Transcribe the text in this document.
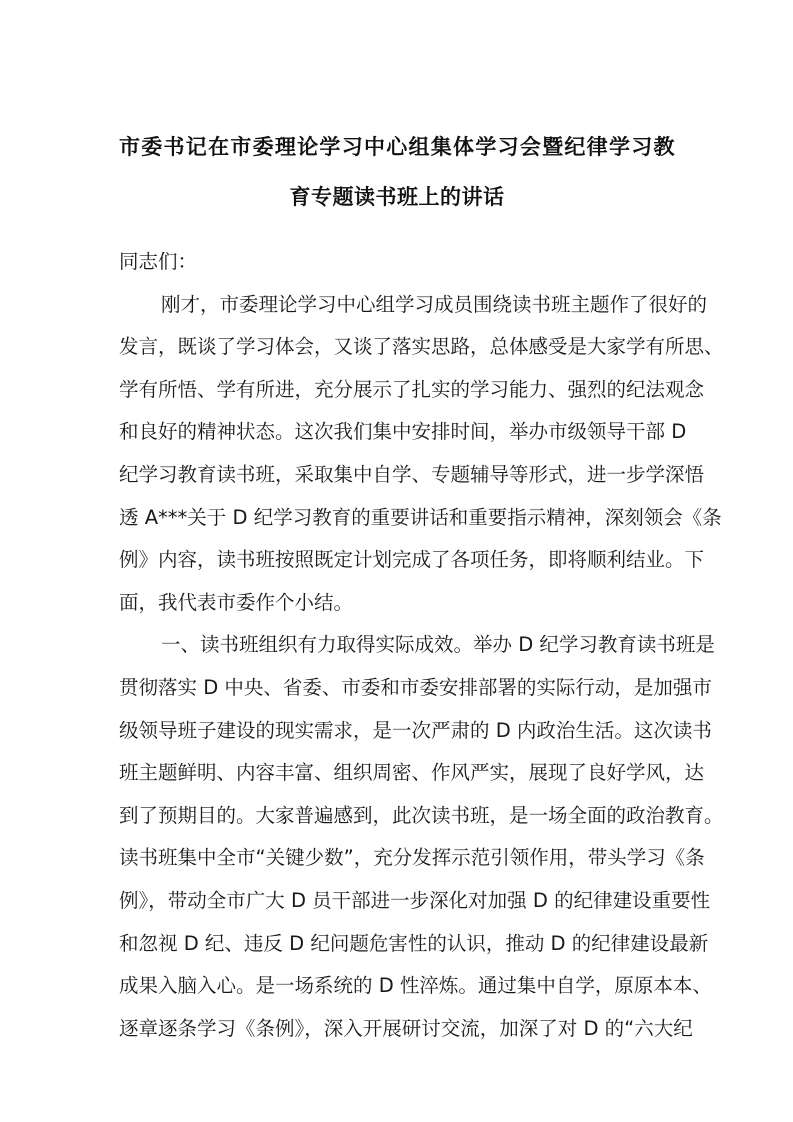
市委书记在市委理论学习中心组集体学习会暨纪律学习教
育专题读书班上的讲话
同志们：
刚才，市委理论学习中心组学习成员围绕读书班主题作了很好的
发言，既谈了学习体会，又谈了落实思路，总体感受是大家学有所思、
学有所悟、学有所进，充分展示了扎实的学习能力、强烈的纪法观念
和良好的精神状态。这次我们集中安排时间，举办市级领导干部 D
纪学习教育读书班，采取集中自学、专题辅导等形式，进一步学深悟
透 A***关于 D 纪学习教育的重要讲话和重要指示精神，深刻领会《条
例》内容，读书班按照既定计划完成了各项任务，即将顺利结业。下
面，我代表市委作个小结。
一、读书班组织有力取得实际成效。举办 D 纪学习教育读书班是
贯彻落实 D 中央、省委、市委和市委安排部署的实际行动，是加强市
级领导班子建设的现实需求，是一次严肃的 D 内政治生活。这次读书
班主题鲜明、内容丰富、组织周密、作风严实，展现了良好学风，达
到了预期目的。大家普遍感到，此次读书班，是一场全面的政治教育。
读书班集中全市“关键少数”，充分发挥示范引领作用，带头学习《条
例》，带动全市广大 D 员干部进一步深化对加强 D 的纪律建设重要性
和忽视 D 纪、违反 D 纪问题危害性的认识，推动 D 的纪律建设最新
成果入脑入心。是一场系统的 D 性淬炼。通过集中自学，原原本本、
逐章逐条学习《条例》，深入开展研讨交流，加深了对 D 的“六大纪
